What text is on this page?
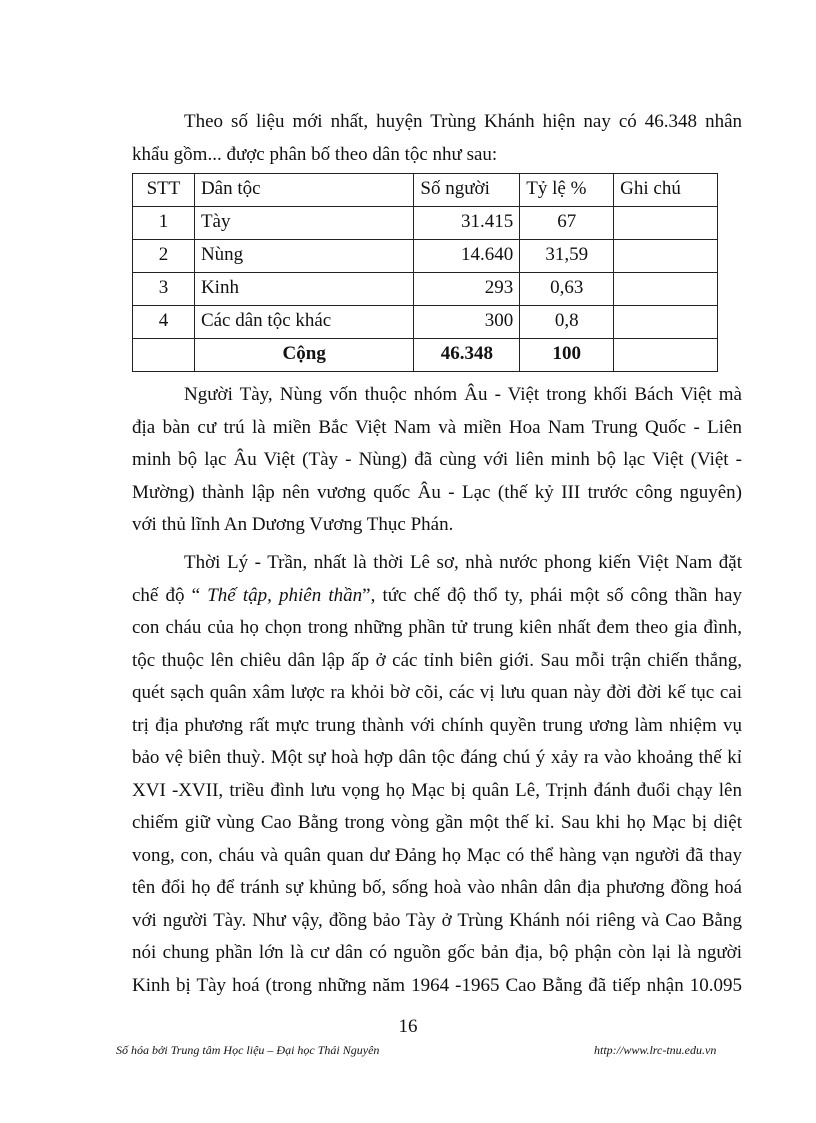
Theo số liệu mới nhất, huyện Trùng Khánh hiện nay có 46.348 nhân
khẩu gồm... được phân bố theo dân tộc như sau:
STT	Dân tộc	Số người	Tỷ lệ %	Ghi chú
1	Tày	31.415	67	
2	Nùng	14.640	31,59	
3	Kinh	293	0,63	
4	Các dân tộc khác	300	0,8	
	Cộng	46.348	100	
Người Tày, Nùng vốn thuộc nhóm Âu - Việt trong khối Bách Việt mà
địa bàn cư trú là miền Bắc Việt Nam và miền Hoa Nam Trung Quốc - Liên
minh bộ lạc Âu Việt (Tày - Nùng) đã cùng với liên minh bộ lạc Việt (Việt -
Mường) thành lập nên vương quốc Âu - Lạc (thế kỷ III trước công nguyên)
với thủ lĩnh An Dương Vương Thục Phán.
Thời Lý - Trần, nhất là thời Lê sơ, nhà nước phong kiến Việt Nam đặt
chế độ “ Thế tập, phiên thần”, tức chế độ thổ ty, phái một số công thần hay
con cháu của họ chọn trong những phần tử trung kiên nhất đem theo gia đình,
tộc thuộc lên chiêu dân lập ấp ở các tỉnh biên giới. Sau mỗi trận chiến thắng,
quét sạch quân xâm lược ra khỏi bờ cõi, các vị lưu quan này đời đời kế tục cai
trị địa phương rất mực trung thành với chính quyền trung ương làm nhiệm vụ
bảo vệ biên thuỳ. Một sự hoà hợp dân tộc đáng chú ý xảy ra vào khoảng thế kỉ
XVI -XVII, triều đình lưu vọng họ Mạc bị quân Lê, Trịnh đánh đuổi chạy lên
chiếm giữ vùng Cao Bằng trong vòng gần một thế kỉ. Sau khi họ Mạc bị diệt
vong, con, cháu và quân quan dư Đảng họ Mạc có thể hàng vạn người đã thay
tên đổi họ để tránh sự khủng bố, sống hoà vào nhân dân địa phương đồng hoá
với người Tày. Như vậy, đồng bảo Tày ở Trùng Khánh nói riêng và Cao Bằng
nói chung phần lớn là cư dân có nguồn gốc bản địa, bộ phận còn lại là người
Kinh bị Tày hoá (trong những năm 1964 -1965 Cao Bằng đã tiếp nhận 10.095
16
Số hóa bởi Trung tâm Học liệu – Đại học Thái Nguyên	http://www.lrc-tnu.edu.vn
